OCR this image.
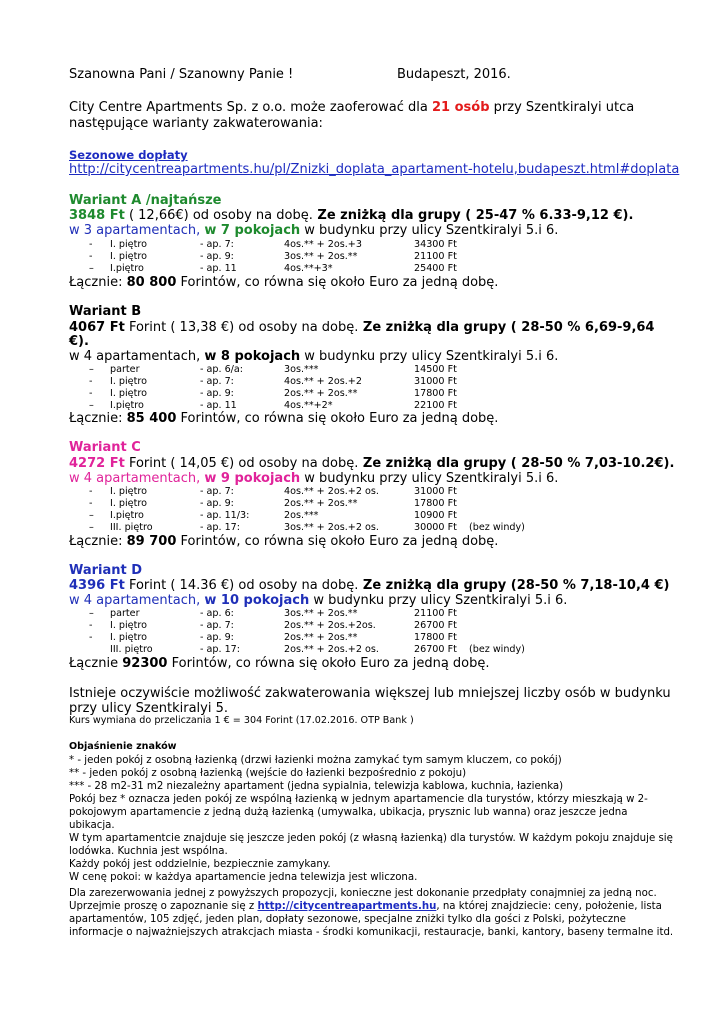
Szanowna Pani / Szanowny Panie !	Budapeszt, 2016.
City Centre Apartments Sp. z o.o. może zaoferować dla 21 osób przy Szentkiralyi utca
następujące warianty zakwaterowania:
Sezonowe dopłaty
http://citycentreapartments.hu/pl/Znizki_doplata_apartament-hotelu,budapeszt.html#doplata
Wariant A /najtańsze
3848 Ft ( 12,66€) od osoby na dobę. Ze zniżką dla grupy ( 25-47 % 6.33-9,12 €).
w 3 apartamentach, w 7 pokojach w budynku przy ulicy Szentkiralyi 5.i 6.
- I. piętro	- ap. 7:	4os.** + 2os.+3	34300 Ft
- I. piętro	- ap. 9:	3os.** + 2os.**	21100 Ft
– I.piętro	- ap. 11	4os.**+3*	25400 Ft
Łącznie: 80 800 Forintów, co równa się około Euro za jedną dobę.
Wariant B
4067 Ft Forint ( 13,38 €) od osoby na dobę. Ze zniżką dla grupy ( 28-50 % 6,69-9,64
€).
w 4 apartamentach, w 8 pokojach w budynku przy ulicy Szentkiralyi 5.i 6.
– parter	- ap. 6/a:	3os.***	14500 Ft
- I. piętro	- ap. 7:	4os.** + 2os.+2	31000 Ft
- I. piętro	- ap. 9:	2os.** + 2os.**	17800 Ft
– I.piętro	- ap. 11	4os.**+2*	22100 Ft
Łącznie: 85 400 Forintów, co równa się około Euro za jedną dobę.
Wariant C
4272 Ft Forint ( 14,05 €) od osoby na dobę. Ze zniżką dla grupy ( 28-50 % 7,03-10.2€).
w 4 apartamentach, w 9 pokojach w budynku przy ulicy Szentkiralyi 5.i 6.
- I. piętro	- ap. 7:	4os.** + 2os.+2 os.	31000 Ft
- I. piętro	- ap. 9:	2os.** + 2os.**	17800 Ft
– I.piętro	- ap. 11/3:	2os.***	10900 Ft
– III. piętro	- ap. 17:	3os.** + 2os.+2 os.	30000 Ft (bez windy)
Łącznie: 89 700 Forintów, co równa się około Euro za jedną dobę.
Wariant D
4396 Ft Forint ( 14.36 €) od osoby na dobę. Ze zniżką dla grupy (28-50 % 7,18-10,4 €)
w 4 apartamentach, w 10 pokojach w budynku przy ulicy Szentkiralyi 5.i 6.
– parter	- ap. 6:	3os.** + 2os.**	21100 Ft
- I. piętro	- ap. 7:	2os.** + 2os.+2os.	26700 Ft
- I. piętro	- ap. 9:	2os.** + 2os.**	17800 Ft
III. piętro	- ap. 17:	2os.** + 2os.+2 os.	26700 Ft (bez windy)
Łącznie 92300 Forintów, co równa się około Euro za jedną dobę.
Istnieje oczywiście możliwość zakwaterowania większej lub mniejszej liczby osób w budynku
przy ulicy Szentkiralyi 5.
Kurs wymiana do przeliczania 1 € = 304 Forint (17.02.2016. OTP Bank )
Objaśnienie znaków
* - jeden pokój z osobną łazienką (drzwi łazienki można zamykać tym samym kluczem, co pokój)
** - jeden pokój z osobną łazienką (wejście do łazienki bezpośrednio z pokoju)
*** - 28 m2-31 m2 niezależny apartament (jedna sypialnia, telewizja kablowa, kuchnia, łazienka)
Pokój bez * oznacza jeden pokój ze wspólną łazienką w jednym apartamencie dla turystów, którzy mieszkają w 2-
pokojowym apartamencie z jedną dużą łazienką (umywalka, ubikacja, prysznic lub wanna) oraz jeszcze jedna
ubikacja.
W tym apartamentcie znajduje się jeszcze jeden pokój (z własną łazienką) dla turystów. W każdym pokoju znajduje się
lodówka. Kuchnia jest wspólna.
Każdy pokój jest oddzielnie, bezpiecznie zamykany.
W cenę pokoi: w każdya apartamencie jedna telewizja jest wliczona.
Dla zarezerwowania jednej z powyższych propozycji, konieczne jest dokonanie przedpłaty conajmniej za jedną noc.
Uprzejmie proszę o zapoznanie się z http://citycentreapartments.hu, na której znajdziecie: ceny, położenie, lista
apartamentów, 105 zdjęć, jeden plan, dopłaty sezonowe, specjalne zniżki tylko dla gości z Polski, pożyteczne
informacje o najważniejszych atrakcjach miasta - środki komunikacji, restauracje, banki, kantory, baseny termalne itd.
